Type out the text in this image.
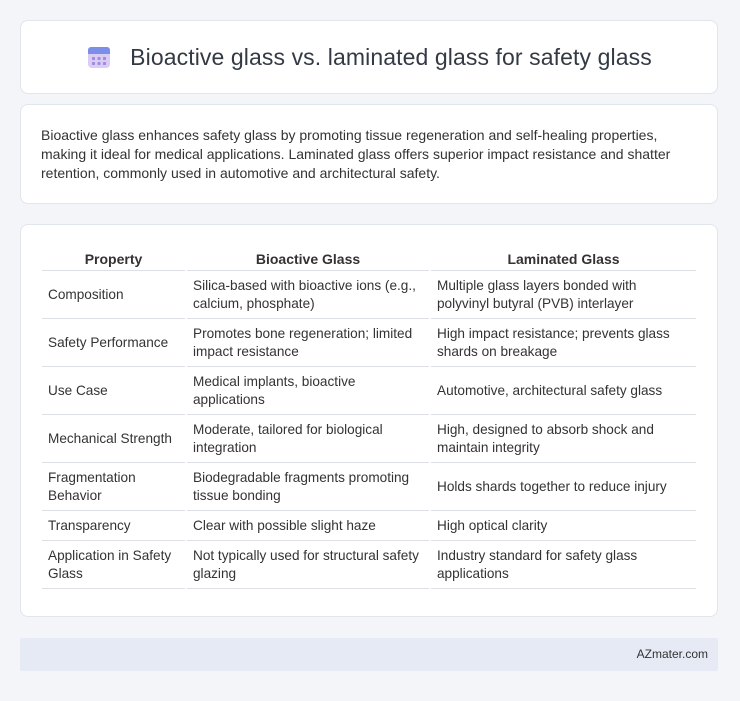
Bioactive glass vs. laminated glass for safety glass

Bioactive glass enhances safety glass by promoting tissue regeneration and self-healing properties, making it ideal for medical applications. Laminated glass offers superior impact resistance and shatter retention, commonly used in automotive and architectural safety.

Property	Bioactive Glass	Laminated Glass
Composition	Silica-based with bioactive ions (e.g., calcium, phosphate)	Multiple glass layers bonded with polyvinyl butyral (PVB) interlayer
Safety Performance	Promotes bone regeneration; limited impact resistance	High impact resistance; prevents glass shards on breakage
Use Case	Medical implants, bioactive applications	Automotive, architectural safety glass
Mechanical Strength	Moderate, tailored for biological integration	High, designed to absorb shock and maintain integrity
Fragmentation Behavior	Biodegradable fragments promoting tissue bonding	Holds shards together to reduce injury
Transparency	Clear with possible slight haze	High optical clarity
Application in Safety Glass	Not typically used for structural safety glazing	Industry standard for safety glass applications
AZmater.com
